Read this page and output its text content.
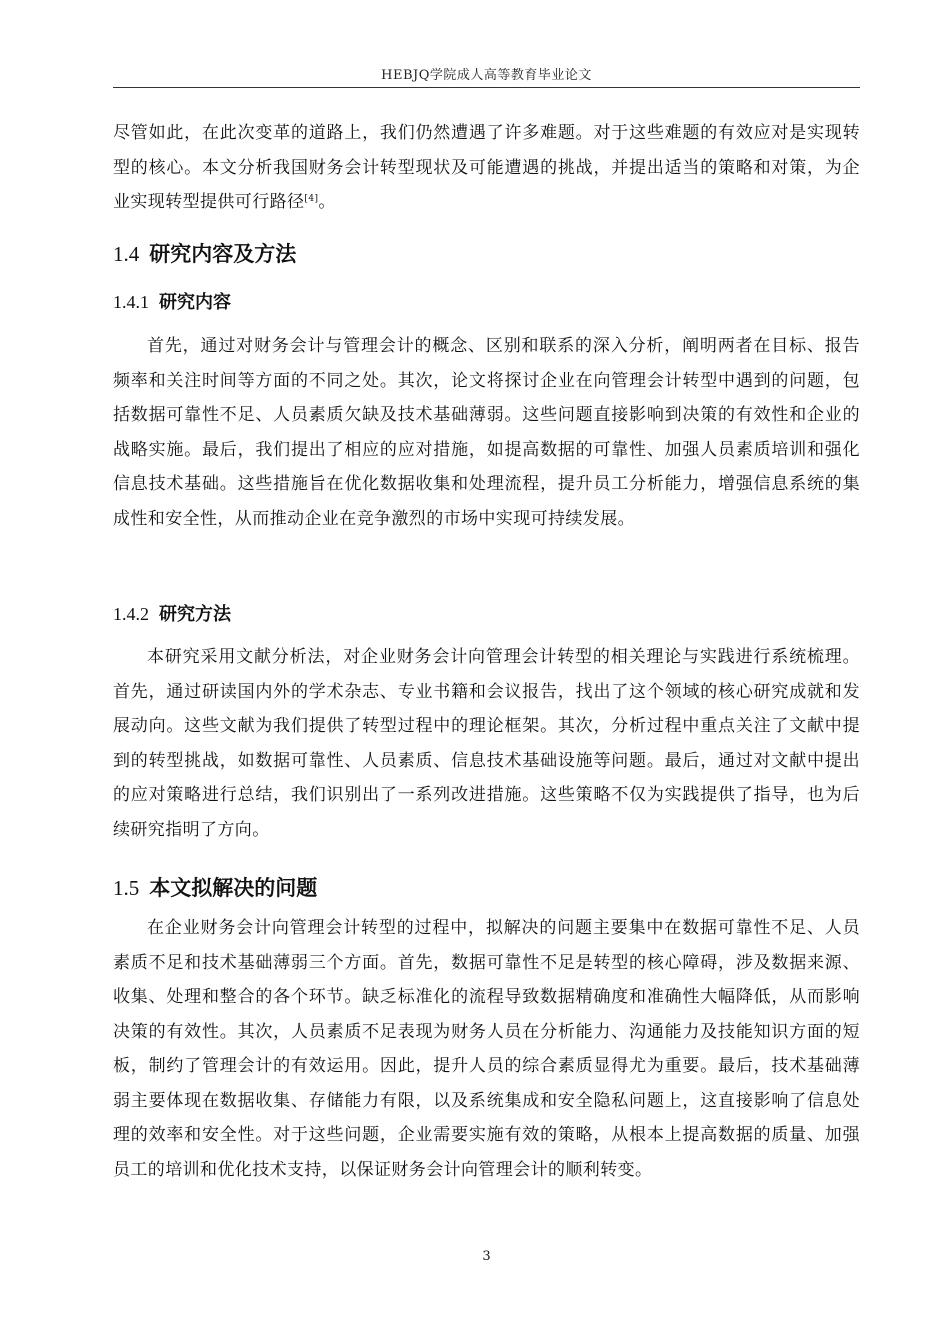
HEBJQ学院成人高等教育毕业论文
尽管如此，在此次变革的道路上，我们仍然遭遇了许多难题。对于这些难题的有效应对是实现转型的核心。本文分析我国财务会计转型现状及可能遭遇的挑战，并提出适当的策略和对策，为企业实现转型提供可行路径[4]。
1.4 研究内容及方法
1.4.1 研究内容
首先，通过对财务会计与管理会计的概念、区别和联系的深入分析，阐明两者在目标、报告频率和关注时间等方面的不同之处。其次，论文将探讨企业在向管理会计转型中遇到的问题，包括数据可靠性不足、人员素质欠缺及技术基础薄弱。这些问题直接影响到决策的有效性和企业的战略实施。最后，我们提出了相应的应对措施，如提高数据的可靠性、加强人员素质培训和强化信息技术基础。这些措施旨在优化数据收集和处理流程，提升员工分析能力，增强信息系统的集成性和安全性，从而推动企业在竞争激烈的市场中实现可持续发展。
1.4.2 研究方法
本研究采用文献分析法，对企业财务会计向管理会计转型的相关理论与实践进行系统梳理。首先，通过研读国内外的学术杂志、专业书籍和会议报告，找出了这个领域的核心研究成就和发展动向。这些文献为我们提供了转型过程中的理论框架。其次，分析过程中重点关注了文献中提到的转型挑战，如数据可靠性、人员素质、信息技术基础设施等问题。最后，通过对文献中提出的应对策略进行总结，我们识别出了一系列改进措施。这些策略不仅为实践提供了指导，也为后续研究指明了方向。
1.5 本文拟解决的问题
在企业财务会计向管理会计转型的过程中，拟解决的问题主要集中在数据可靠性不足、人员素质不足和技术基础薄弱三个方面。首先，数据可靠性不足是转型的核心障碍，涉及数据来源、收集、处理和整合的各个环节。缺乏标准化的流程导致数据精确度和准确性大幅降低，从而影响决策的有效性。其次，人员素质不足表现为财务人员在分析能力、沟通能力及技能知识方面的短板，制约了管理会计的有效运用。因此，提升人员的综合素质显得尤为重要。最后，技术基础薄弱主要体现在数据收集、存储能力有限，以及系统集成和安全隐私问题上，这直接影响了信息处理的效率和安全性。对于这些问题，企业需要实施有效的策略，从根本上提高数据的质量、加强员工的培训和优化技术支持，以保证财务会计向管理会计的顺利转变。
3
